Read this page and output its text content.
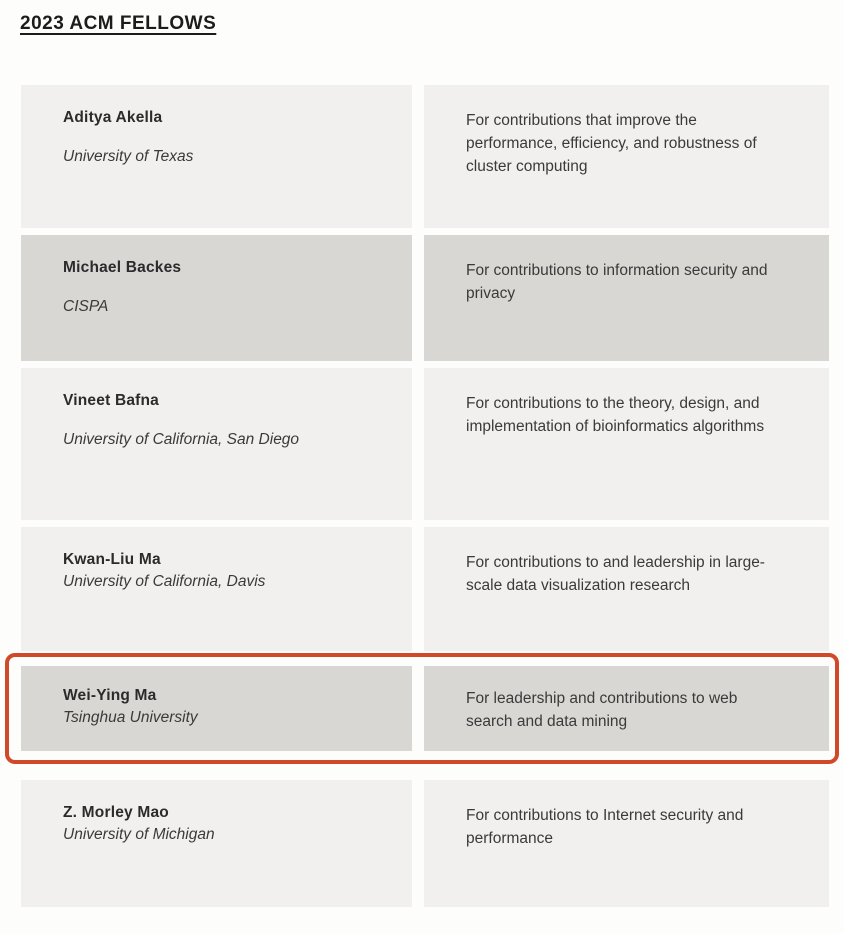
2023 ACM FELLOWS
Aditya Akella
University of Texas
For contributions that improve the performance, efficiency, and robustness of cluster computing
Michael Backes
CISPA
For contributions to information security and privacy
Vineet Bafna
University of California, San Diego
For contributions to the theory, design, and implementation of bioinformatics algorithms
Kwan-Liu Ma
University of California, Davis
For contributions to and leadership in large-scale data visualization research
Wei-Ying Ma
Tsinghua University
For leadership and contributions to web search and data mining
Z. Morley Mao
University of Michigan
For contributions to Internet security and performance
